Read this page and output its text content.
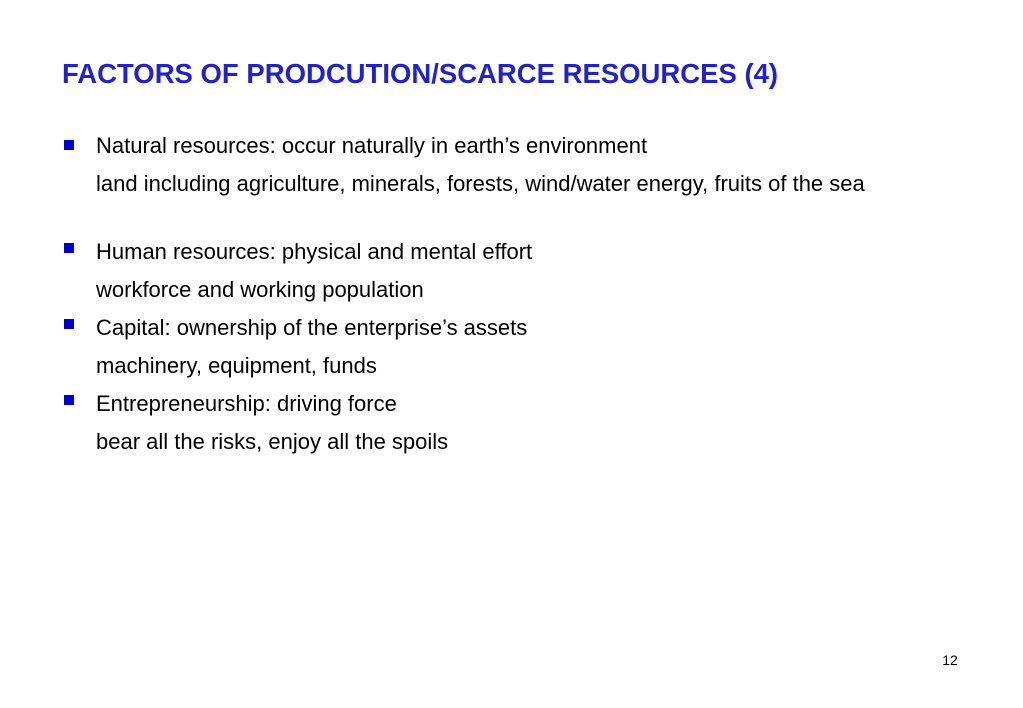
FACTORS OF PRODCUTION/SCARCE RESOURCES (4)
Natural resources: occur naturally in earth’s environment
land including agriculture, minerals, forests, wind/water energy, fruits of the sea
Human resources: physical and mental effort
workforce and working population
Capital: ownership of the enterprise’s assets
machinery, equipment, funds
Entrepreneurship: driving force
bear all the risks, enjoy all the spoils
12
